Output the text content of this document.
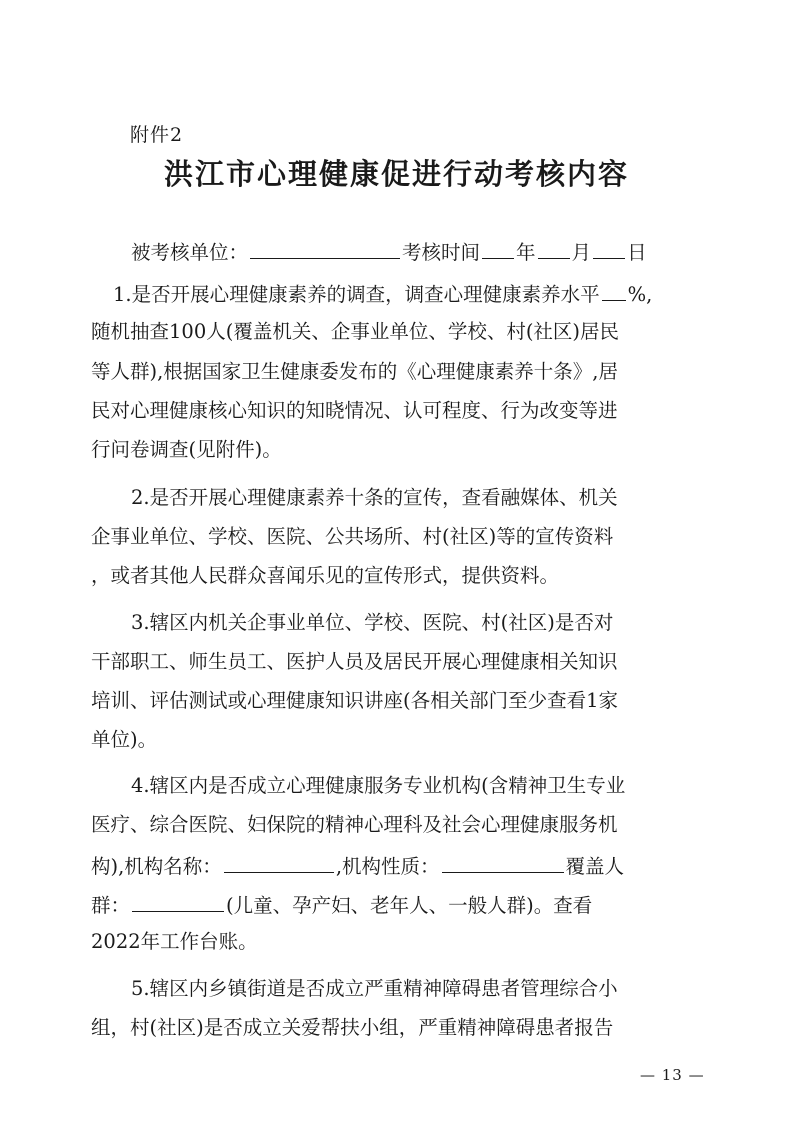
附件2
洪江市心理健康促进行动考核内容
被考核单位：	考核时间 年 月 日
1.是否开展心理健康素养的调查，调查心理健康素养水平 %,
随机抽查100人(覆盖机关、企事业单位、学校、村(社区)居民
等人群),根据国家卫生健康委发布的《心理健康素养十条》,居
民对心理健康核心知识的知晓情况、认可程度、行为改变等进
行问卷调查(见附件)。
2.是否开展心理健康素养十条的宣传，查看融媒体、机关
企事业单位、学校、医院、公共场所、村(社区)等的宣传资料
，或者其他人民群众喜闻乐见的宣传形式，提供资料。
3.辖区内机关企事业单位、学校、医院、村(社区)是否对
干部职工、师生员工、医护人员及居民开展心理健康相关知识
培训、评估测试或心理健康知识讲座(各相关部门至少查看1家
单位)。
4.辖区内是否成立心理健康服务专业机构(含精神卫生专业
医疗、综合医院、妇保院的精神心理科及社会心理健康服务机
构),机构名称：	,机构性质：	覆盖人
群：	(儿童、孕产妇、老年人、一般人群)。查看
2022年工作台账。
5.辖区内乡镇街道是否成立严重精神障碍患者管理综合小
组，村(社区)是否成立关爱帮扶小组，严重精神障碍患者报告
— 13 —
